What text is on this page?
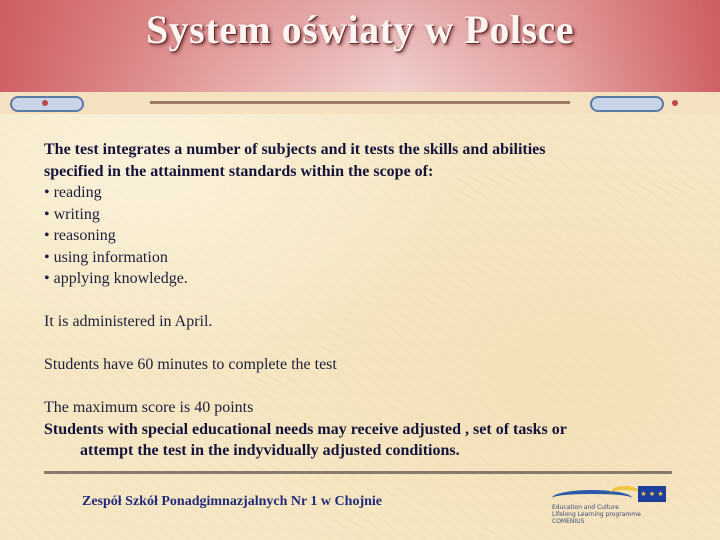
System oświaty w Polsce

The test integrates a number of subjects and it tests the skills and abilities

specified in the attainment standards within the scope of:

• reading

• writing

• reasoning

• using information

• applying knowledge.

It is administered in April.

Students have 60 minutes to complete the test

The maximum score is 40 points

Students with special educational needs may receive adjusted , set of tasks or

attempt the test in the indyvidually adjusted conditions.

Zespół Szkół Ponadgimnazjalnych Nr 1 w Chojnie	★ ★ ★
Education and Culture
Lifelong Learning programme
COMENIUS
